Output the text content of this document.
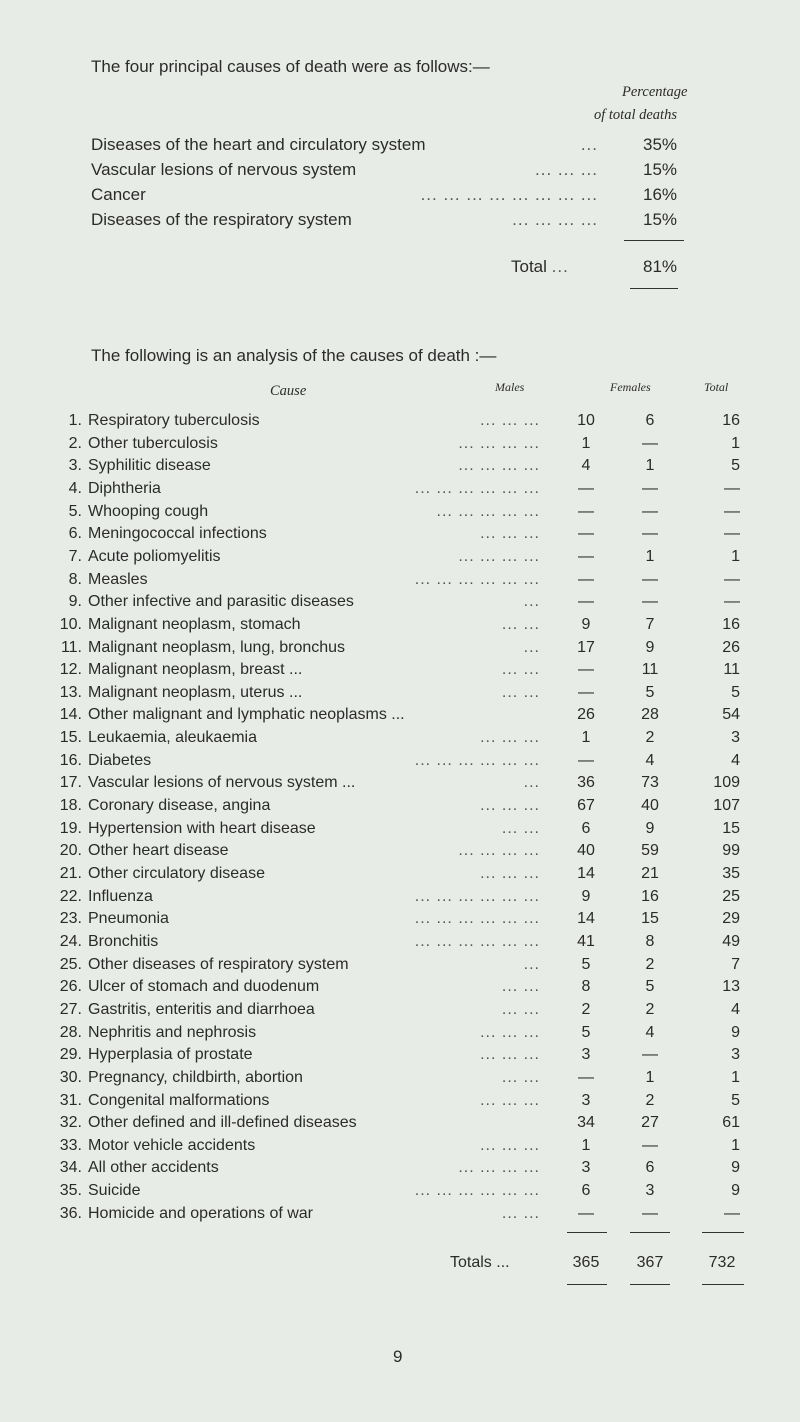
The four principal causes of death were as follows:—
Percentage
of total deaths
Diseases of the heart and circulatory system	...	35%
Vascular lesions of nervous system	... ... ...	15%
Cancer	... ... ... ... ... ... ... ...	16%
Diseases of the respiratory system	... ... ... ...	15%
Total ...	81%
The following is an analysis of the causes of death :—
Cause	Males	Females	Total
1. Respiratory tuberculosis	... ... ...	10	6	16
2. Other tuberculosis	... ... ... ...	1	—	1
3. Syphilitic disease	... ... ... ...	4	1	5
4. Diphtheria	... ... ... ... ... ...	—	—	—
5. Whooping cough	... ... ... ... ...	—	—	—
6. Meningococcal infections	... ... ...	—	—	—
7. Acute poliomyelitis	... ... ... ...	—	1	1
8. Measles	... ... ... ... ... ...	—	—	—
9. Other infective and parasitic diseases	...	—	—	—
10. Malignant neoplasm, stomach	... ...	9	7	16
11. Malignant neoplasm, lung, bronchus	...	17	9	26
12. Malignant neoplasm, breast ...	... ...	—	11	11
13. Malignant neoplasm, uterus ...	... ...	—	5	5
14. Other malignant and lymphatic neoplasms ...	26	28	54
15. Leukaemia, aleukaemia	... ... ...	1	2	3
16. Diabetes	... ... ... ... ... ...	—	4	4
17. Vascular lesions of nervous system ...	...	36	73	109
18. Coronary disease, angina	... ... ...	67	40	107
19. Hypertension with heart disease	... ...	6	9	15
20. Other heart disease	... ... ... ...	40	59	99
21. Other circulatory disease	... ... ...	14	21	35
22. Influenza	... ... ... ... ... ...	9	16	25
23. Pneumonia	... ... ... ... ... ...	14	15	29
24. Bronchitis	... ... ... ... ... ...	41	8	49
25. Other diseases of respiratory system	...	5	2	7
26. Ulcer of stomach and duodenum	... ...	8	5	13
27. Gastritis, enteritis and diarrhoea	... ...	2	2	4
28. Nephritis and nephrosis	... ... ...	5	4	9
29. Hyperplasia of prostate	... ... ...	3	—	3
30. Pregnancy, childbirth, abortion	... ...	—	1	1
31. Congenital malformations	... ... ...	3	2	5
32. Other defined and ill-defined diseases	34	27	61
33. Motor vehicle accidents	... ... ...	1	—	1
34. All other accidents	... ... ... ...	3	6	9
35. Suicide	... ... ... ... ... ...	6	3	9
36. Homicide and operations of war	... ...	—	—	—
Totals ...	365	367	732
9
